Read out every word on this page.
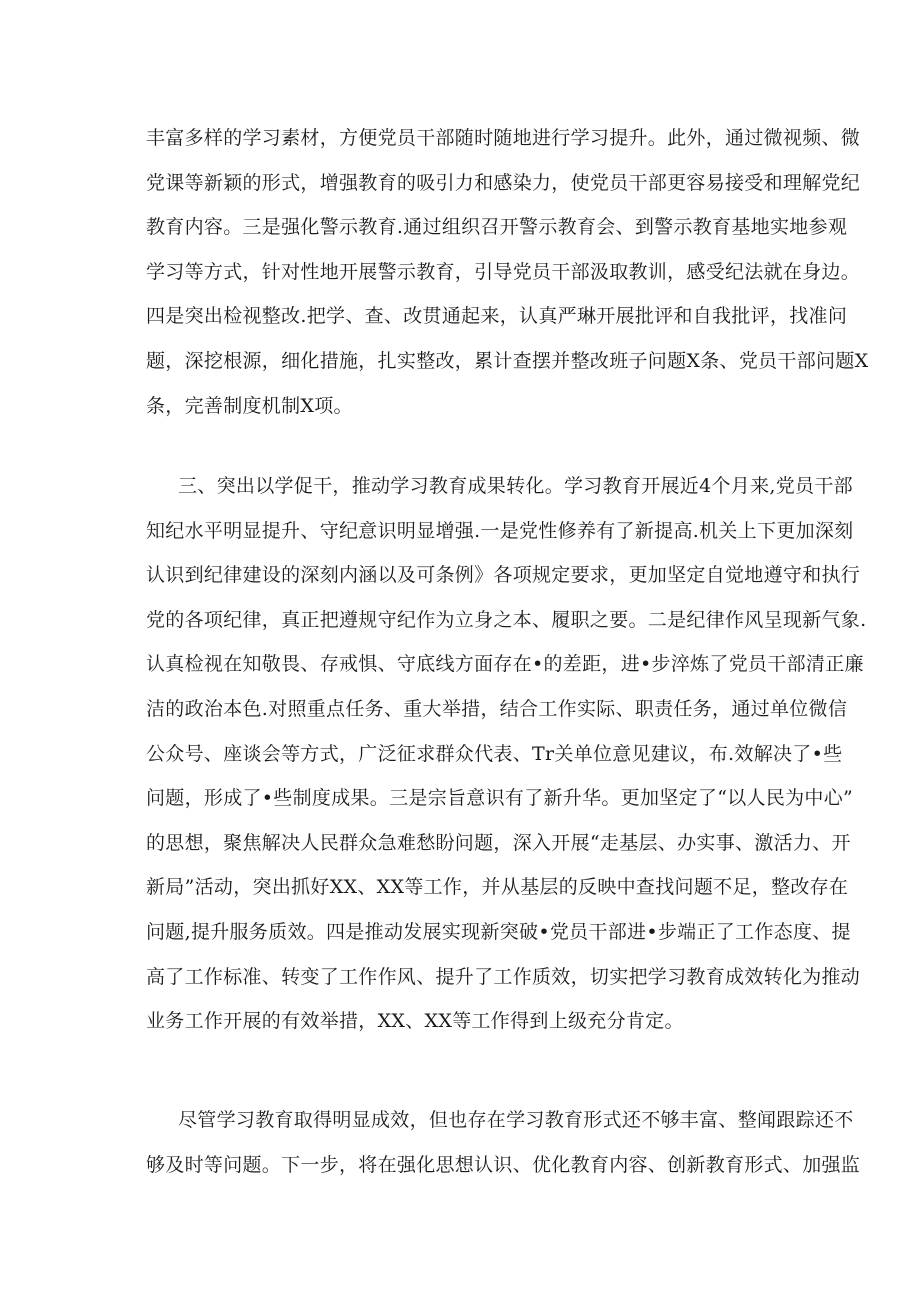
丰富多样的学习素材，方便党员干部随时随地进行学习提升。此外，通过微视频、微
党课等新颖的形式，增强教育的吸引力和感染力，使党员干部更容易接受和理解党纪
教育内容。三是强化警示教育.通过组织召开警示教育会、到警示教育基地实地参观
学习等方式，针对性地开展警示教育，引导党员干部汲取教训，感受纪法就在身边。
四是突出检视整改.把学、查、改贯通起来，认真严琳开展批评和自我批评，找准问
题，深挖根源，细化措施，扎实整改，累计查摆并整改班子问题X条、党员干部问题X
条，完善制度机制X项。
三、突出以学促干，推动学习教育成果转化。学习教育开展近4个月来,党员干部
知纪水平明显提升、守纪意识明显增强.一是党性修养有了新提高.机关上下更加深刻
认识到纪律建设的深刻内涵以及可条例》各项规定要求，更加坚定自觉地遵守和执行
党的各项纪律，真正把遵规守纪作为立身之本、履职之要。二是纪律作风呈现新气象.
认真检视在知敬畏、存戒惧、守底线方面存在•的差距，进•步淬炼了党员干部清正廉
洁的政治本色.对照重点任务、重大举措，结合工作实际、职责任务，通过单位微信
公众号、座谈会等方式，广泛征求群众代表、Tr关单位意见建议，布.效解决了•些
问题，形成了•些制度成果。三是宗旨意识有了新升华。更加坚定了“以人民为中心”
的思想，聚焦解决人民群众急难愁盼问题，深入开展“走基层、办实事、激活力、开
新局”活动，突出抓好XX、XX等工作，并从基层的反映中查找问题不足，整改存在
问题,提升服务质效。四是推动发展实现新突破•党员干部进•步端正了工作态度、提
高了工作标准、转变了工作作风、提升了工作质效，切实把学习教育成效转化为推动
业务工作开展的有效举措，XX、XX等工作得到上级充分肯定。
尽管学习教育取得明显成效，但也存在学习教育形式还不够丰富、整闻跟踪还不
够及时等问题。下一步，将在强化思想认识、优化教育内容、创新教育形式、加强监
